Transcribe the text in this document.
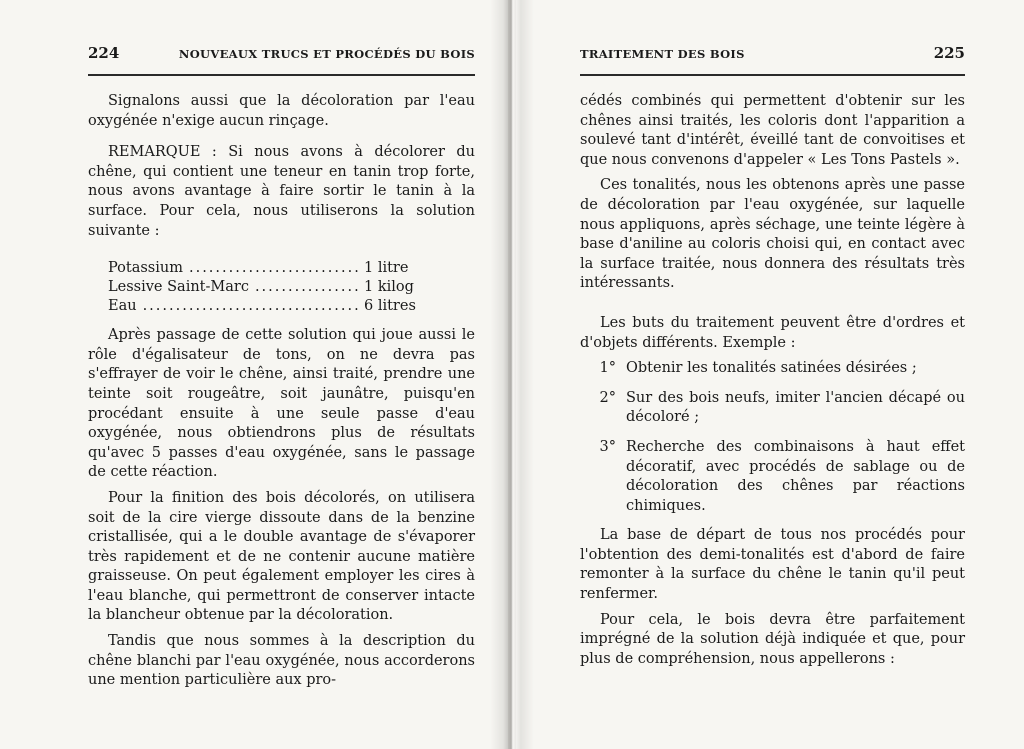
224	NOUVEAUX TRUCS ET PROCÉDÉS DU BOIS

Signalons aussi que la décoloration par l'eau oxygénée n'exige aucun rinçage.

REMARQUE : Si nous avons à décolorer du chêne, qui contient une teneur en tanin trop forte, nous avons avantage à faire sortir le tanin à la surface. Pour cela, nous utiliserons la solution suivante :

Potassium .....	1 litre
Lessive Saint-Marc .....	1 kilog
Eau .....	6 litres

Après passage de cette solution qui joue aussi le rôle d'égalisateur de tons, on ne devra pas s'effrayer de voir le chêne, ainsi traité, prendre une teinte soit rougeâtre, soit jaunâtre, puisqu'en procédant ensuite à une seule passe d'eau oxygénée, nous obtiendrons plus de résultats qu'avec 5 passes d'eau oxygénée, sans le passage de cette réaction.

Pour la finition des bois décolorés, on utilisera soit de la cire vierge dissoute dans de la benzine cristallisée, qui a le double avantage de s'évaporer très rapidement et de ne contenir aucune matière graisseuse. On peut également employer les cires à l'eau blanche, qui permettront de conserver intacte la blancheur obtenue par la décoloration.

Tandis que nous sommes à la description du chêne blanchi par l'eau oxygénée, nous accorderons une mention particulière aux pro-

TRAITEMENT DES BOIS	225

cédés combinés qui permettent d'obtenir sur les chênes ainsi traités, les coloris dont l'apparition a soulevé tant d'intérêt, éveillé tant de convoitises et que nous convenons d'appeler « Les Tons Pastels ».

Ces tonalités, nous les obtenons après une passe de décoloration par l'eau oxygénée, sur laquelle nous appliquons, après séchage, une teinte légère à base d'aniline au coloris choisi qui, en contact avec la surface traitée, nous donnera des résultats très intéressants.

Les buts du traitement peuvent être d'ordres et d'objets différents. Exemple :

1° Obtenir les tonalités satinées désirées ;
2° Sur des bois neufs, imiter l'ancien décapé ou décoloré ;
3° Recherche des combinaisons à haut effet décoratif, avec procédés de sablage ou de décoloration des chênes par réactions chimiques.

La base de départ de tous nos procédés pour l'obtention des demi-tonalités est d'abord de faire remonter à la surface du chêne le tanin qu'il peut renfermer.

Pour cela, le bois devra être parfaitement imprégné de la solution déjà indiquée et que, pour plus de compréhension, nous appellerons :
